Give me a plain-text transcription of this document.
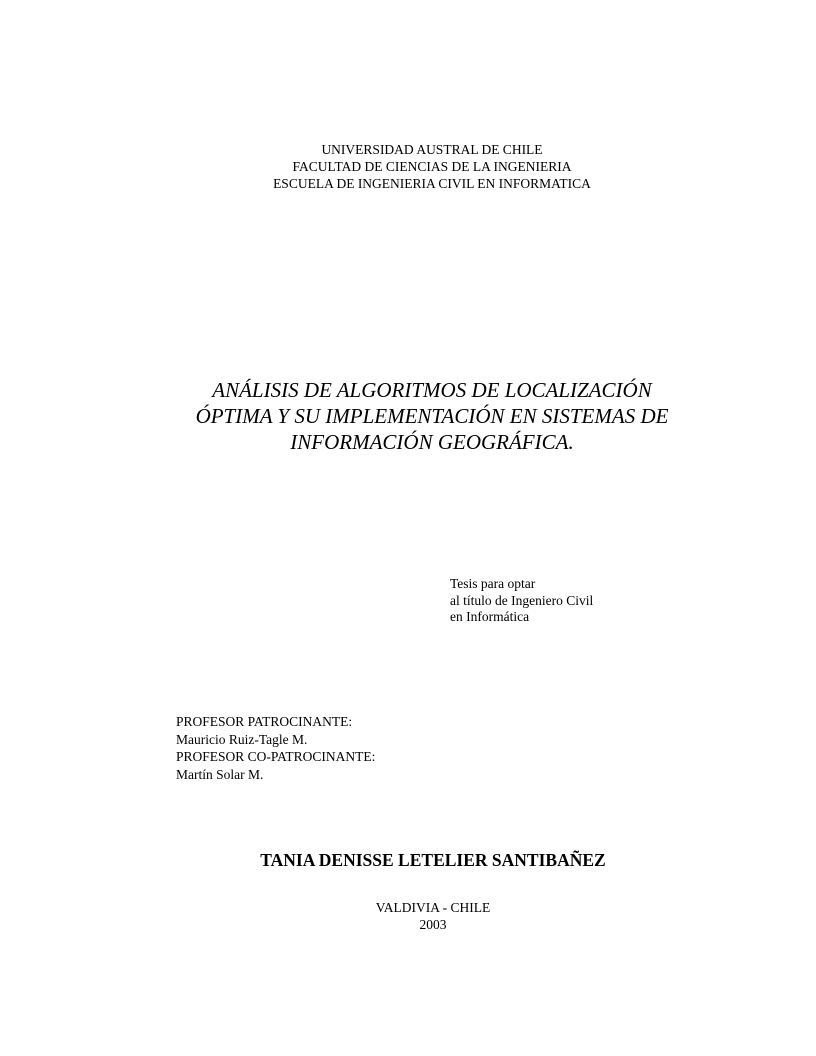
UNIVERSIDAD AUSTRAL DE CHILE
FACULTAD DE CIENCIAS DE LA INGENIERIA
ESCUELA DE INGENIERIA CIVIL EN INFORMATICA
ANÁLISIS DE ALGORITMOS DE LOCALIZACIÓN
ÓPTIMA Y SU IMPLEMENTACIÓN EN SISTEMAS DE
INFORMACIÓN GEOGRÁFICA.
Tesis para optar
al título de Ingeniero Civil
en Informática
PROFESOR PATROCINANTE:
Mauricio Ruiz-Tagle M.
PROFESOR CO-PATROCINANTE:
Martín Solar M.
TANIA DENISSE LETELIER SANTIBAÑEZ
VALDIVIA - CHILE
2003
